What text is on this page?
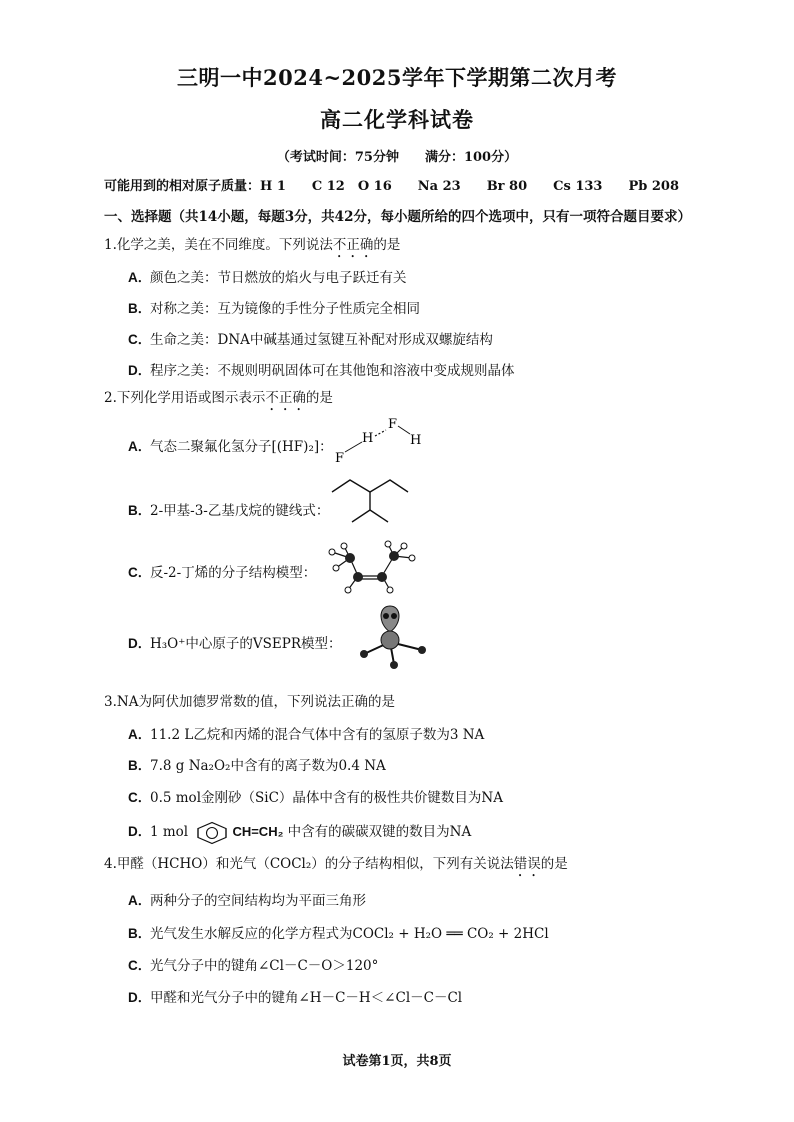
三明一中2024~2025学年下学期第二次月考
高二化学科试卷
（考试时间：75分钟　　满分：100分）
可能用到的相对原子质量：H 1　　C 12　O 16　　Na 23　　Br 80　　Cs 133　　Pb 208
一、选择题（共14小题，每题3分，共42分，每小题所给的四个选项中，只有一项符合题目要求）
1.化学之美，美在不同维度。下列说法不正确的是
A．颜色之美：节日燃放的焰火与电子跃迁有关
B．对称之美：互为镜像的手性分子性质完全相同
C．生命之美：DNA中碱基通过氢键互补配对形成双螺旋结构
D．程序之美：不规则明矾固体可在其他饱和溶液中变成规则晶体
2.下列化学用语或图示表示不正确的是
A．气态二聚氟化氢分子[(HF)₂]：
F
H
F
H
B．2-甲基-3-乙基戊烷的键线式：
C．反-2-丁烯的分子结构模型：
D．H₃O⁺中心原子的VSEPR模型：
3.NA为阿伏加德罗常数的值，下列说法正确的是
A．11.2 L乙烷和丙烯的混合气体中含有的氢原子数为3 NA
B．7.8 g Na₂O₂中含有的离子数为0.4 NA
C．0.5 mol金刚砂（SiC）晶体中含有的极性共价键数目为NA
D．1 mol	CH=CH₂ 中含有的碳碳双键的数目为NA
4.甲醛（HCHO）和光气（COCl₂）的分子结构相似，下列有关说法错误的是
A．两种分子的空间结构均为平面三角形
B．光气发生水解反应的化学方程式为COCl₂ + H₂O ══ CO₂ + 2HCl
C．光气分子中的键角∠Cl－C－O＞120°
D．甲醛和光气分子中的键角∠H－C－H＜∠Cl－C－Cl
试卷第1页，共8页
